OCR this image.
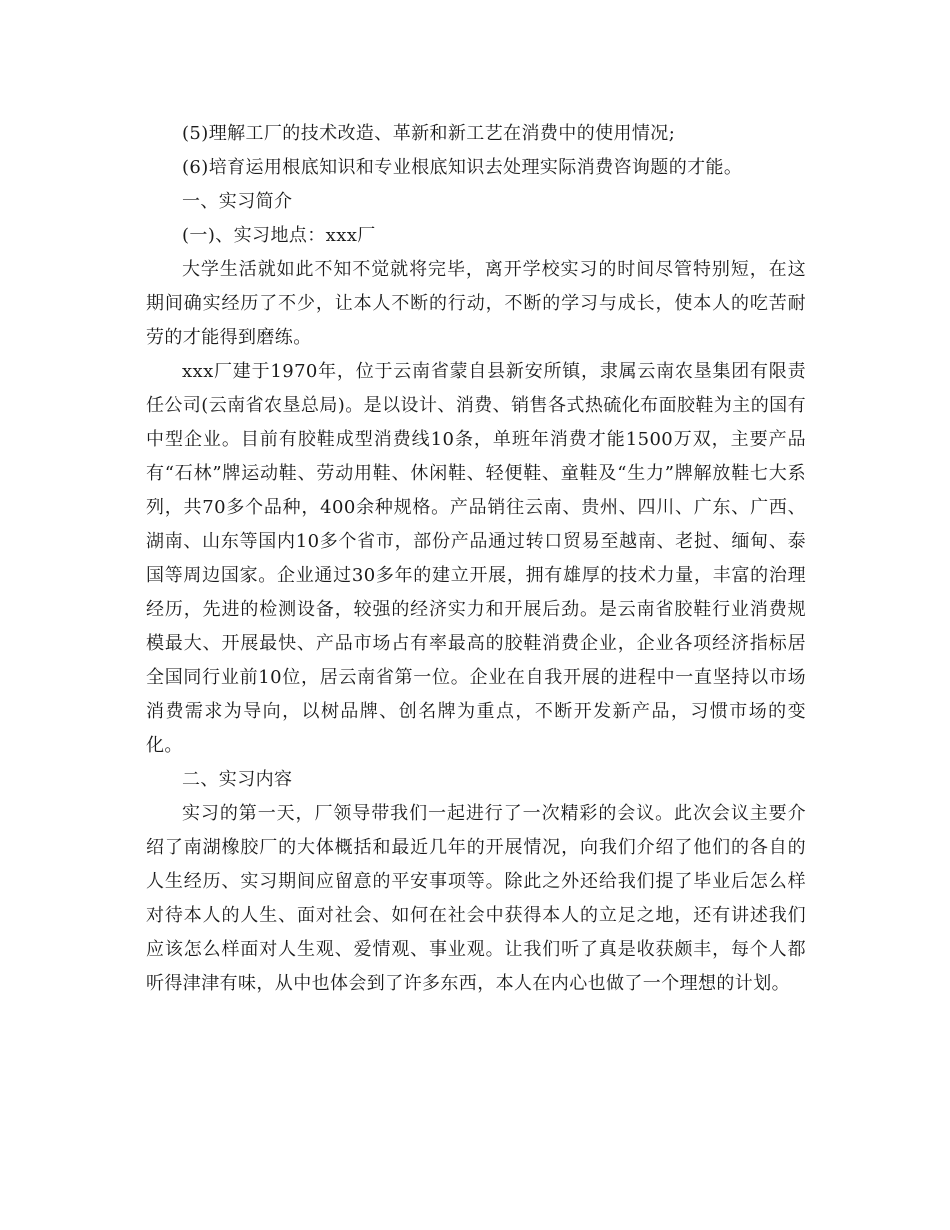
(5)理解工厂的技术改造、革新和新工艺在消费中的使用情况;

(6)培育运用根底知识和专业根底知识去处理实际消费咨询题的才能。

一、实习简介

(一)、实习地点：xxx厂

大学生活就如此不知不觉就将完毕，离开学校实习的时间尽管特别短，在这期间确实经历了不少，让本人不断的行动，不断的学习与成长，使本人的吃苦耐劳的才能得到磨练。

xxx厂建于1970年，位于云南省蒙自县新安所镇，隶属云南农垦集团有限责任公司(云南省农垦总局)。是以设计、消费、销售各式热硫化布面胶鞋为主的国有中型企业。目前有胶鞋成型消费线10条，单班年消费才能1500万双，主要产品有“石林”牌运动鞋、劳动用鞋、休闲鞋、轻便鞋、童鞋及“生力”牌解放鞋七大系列，共70多个品种，400余种规格。产品销往云南、贵州、四川、广东、广西、湖南、山东等国内10多个省市，部份产品通过转口贸易至越南、老挝、缅甸、泰国等周边国家。企业通过30多年的建立开展，拥有雄厚的技术力量，丰富的治理经历，先进的检测设备，较强的经济实力和开展后劲。是云南省胶鞋行业消费规模最大、开展最快、产品市场占有率最高的胶鞋消费企业，企业各项经济指标居全国同行业前10位，居云南省第一位。企业在自我开展的进程中一直坚持以市场消费需求为导向，以树品牌、创名牌为重点，不断开发新产品，习惯市场的变化。

二、实习内容

实习的第一天，厂领导带我们一起进行了一次精彩的会议。此次会议主要介绍了南湖橡胶厂的大体概括和最近几年的开展情况，向我们介绍了他们的各自的人生经历、实习期间应留意的平安事项等。除此之外还给我们提了毕业后怎么样对待本人的人生、面对社会、如何在社会中获得本人的立足之地，还有讲述我们应该怎么样面对人生观、爱情观、事业观。让我们听了真是收获颇丰，每个人都听得津津有味，从中也体会到了许多东西，本人在内心也做了一个理想的计划。
